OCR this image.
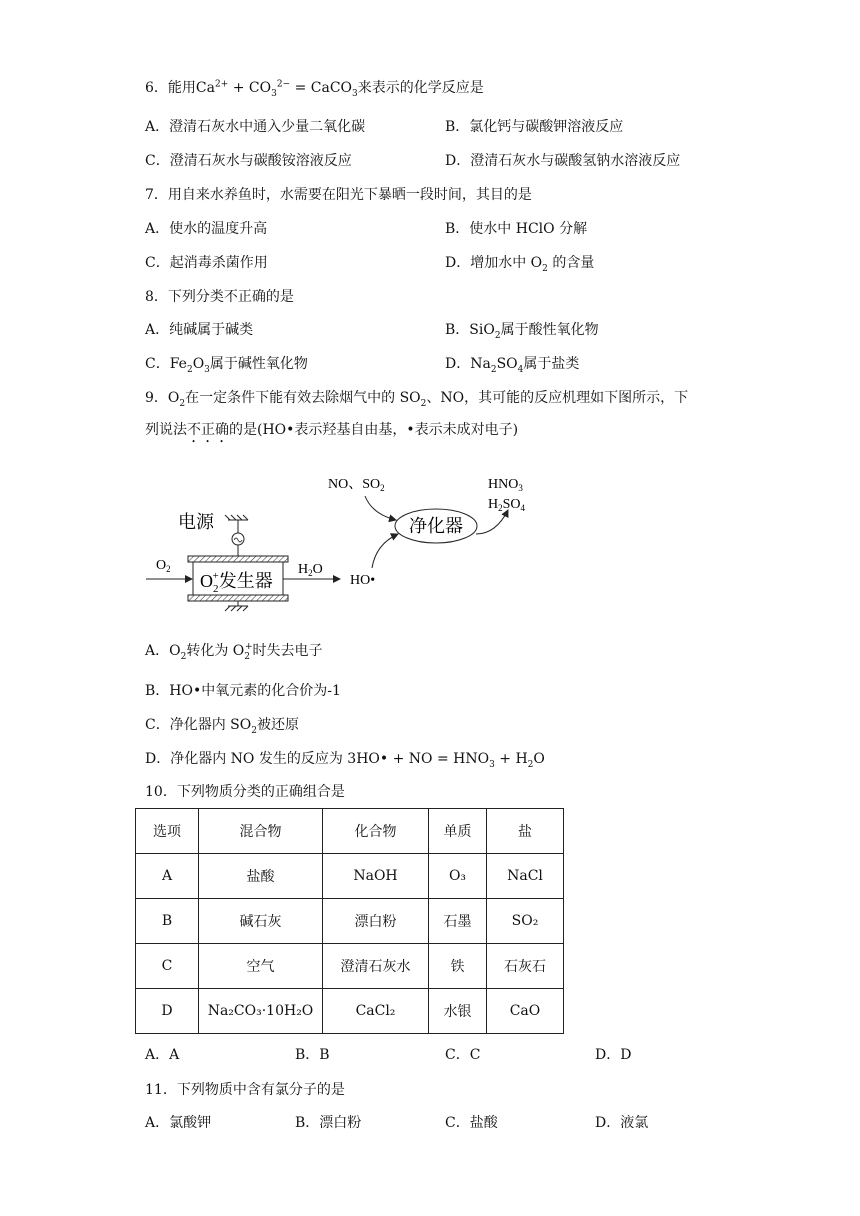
6．能用$Ca^{2+} + CO_3^{2-}$ = CaCO$_3$来表示的化学反应是
A．澄清石灰水中通入少量二氧化碳	B．氯化钙与碳酸钾溶液反应
C．澄清石灰水与碳酸铵溶液反应	D．澄清石灰水与碳酸氢钠水溶液反应
7．用自来水养鱼时，水需要在阳光下暴晒一段时间，其目的是
A．使水的温度升高	B．使水中 HClO 分解
C．起消毒杀菌作用	D．增加水中 $O_2$ 的含量
8．下列分类不正确的是
A．纯碱属于碱类	B．SiO$_2$属于酸性氧化物
C．$Fe_2O_3$属于碱性氧化物	D．$Na_2SO_4$属于盐类
9．$O_2$在一定条件下能有效去除烟气中的 $SO_2$、NO，其可能的反应机理如下图所示，下
列说法不正确的是(HO•表示羟基自由基，•表示未成对电子)
电源
$O_2+$发生器
$O_2$	$H_2O$
HO•
NO、$SO_2$
净化器
$HNO_3$
$H_2SO_4$
A．$O_2$转化为 $O_2^+$时失去电子
B．HO•中氧元素的化合价为-1
C．净化器内 $SO_2$被还原
D．净化器内 NO 发生的反应为 3HO• + NO = $HNO_3 + H_2O$
10．下列物质分类的正确组合是
选项	混合物	化合物	单质	盐
A	盐酸	NaOH	O₃	NaCl
B	碱石灰	漂白粉	石墨	SO₂
C	空气	澄清石灰水	铁	石灰石
D	Na₂CO₃·10H₂O	CaCl₂	水银	CaO
A．A	B．B	C．C	D．D
11．下列物质中含有氯分子的是
A．氯酸钾	B．漂白粉	C．盐酸	D．液氯
